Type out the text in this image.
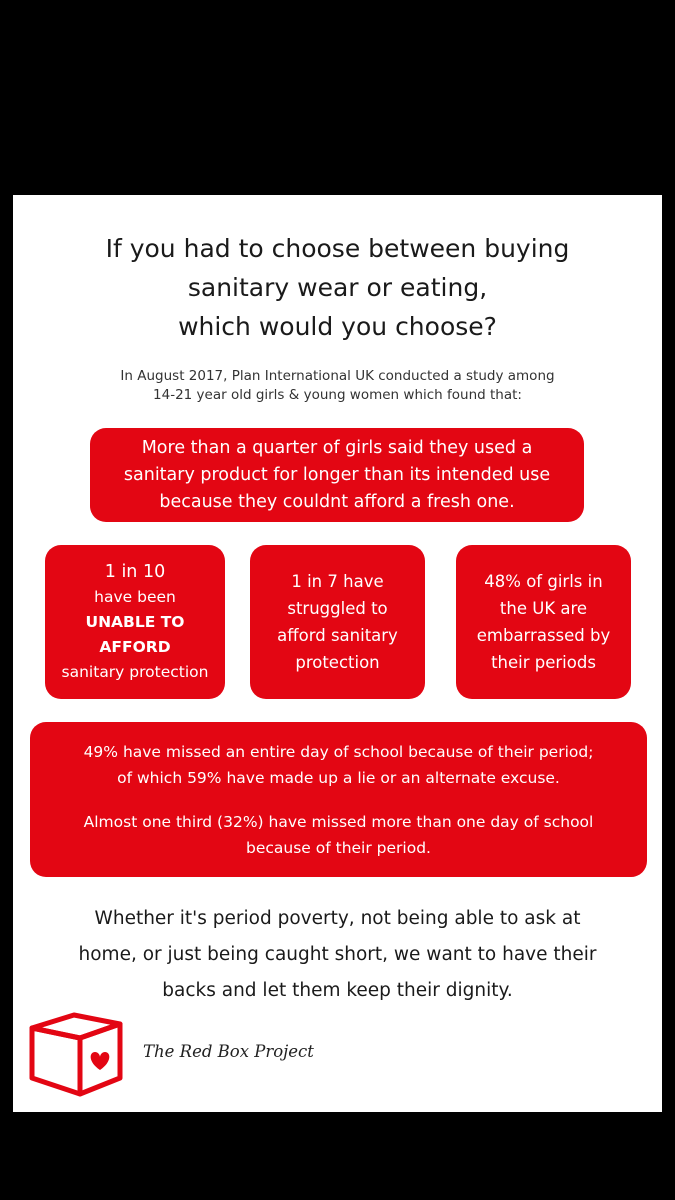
If you had to choose between buying
sanitary wear or eating,
which would you choose?
In August 2017, Plan International UK conducted a study among
14-21 year old girls & young women which found that:
More than a quarter of girls said they used a
sanitary product for longer than its intended use
because they couldnt afford a fresh one.
1 in 10
have been
UNABLE TO
AFFORD
sanitary protection
1 in 7 have
struggled to
afford sanitary
protection
48% of girls in
the UK are
embarrassed by
their periods
49% have missed an entire day of school because of their period;
of which 59% have made up a lie or an alternate excuse.
Almost one third (32%) have missed more than one day of school
because of their period.
Whether it's period poverty, not being able to ask at
home, or just being caught short, we want to have their
backs and let them keep their dignity.
The Red Box Project
